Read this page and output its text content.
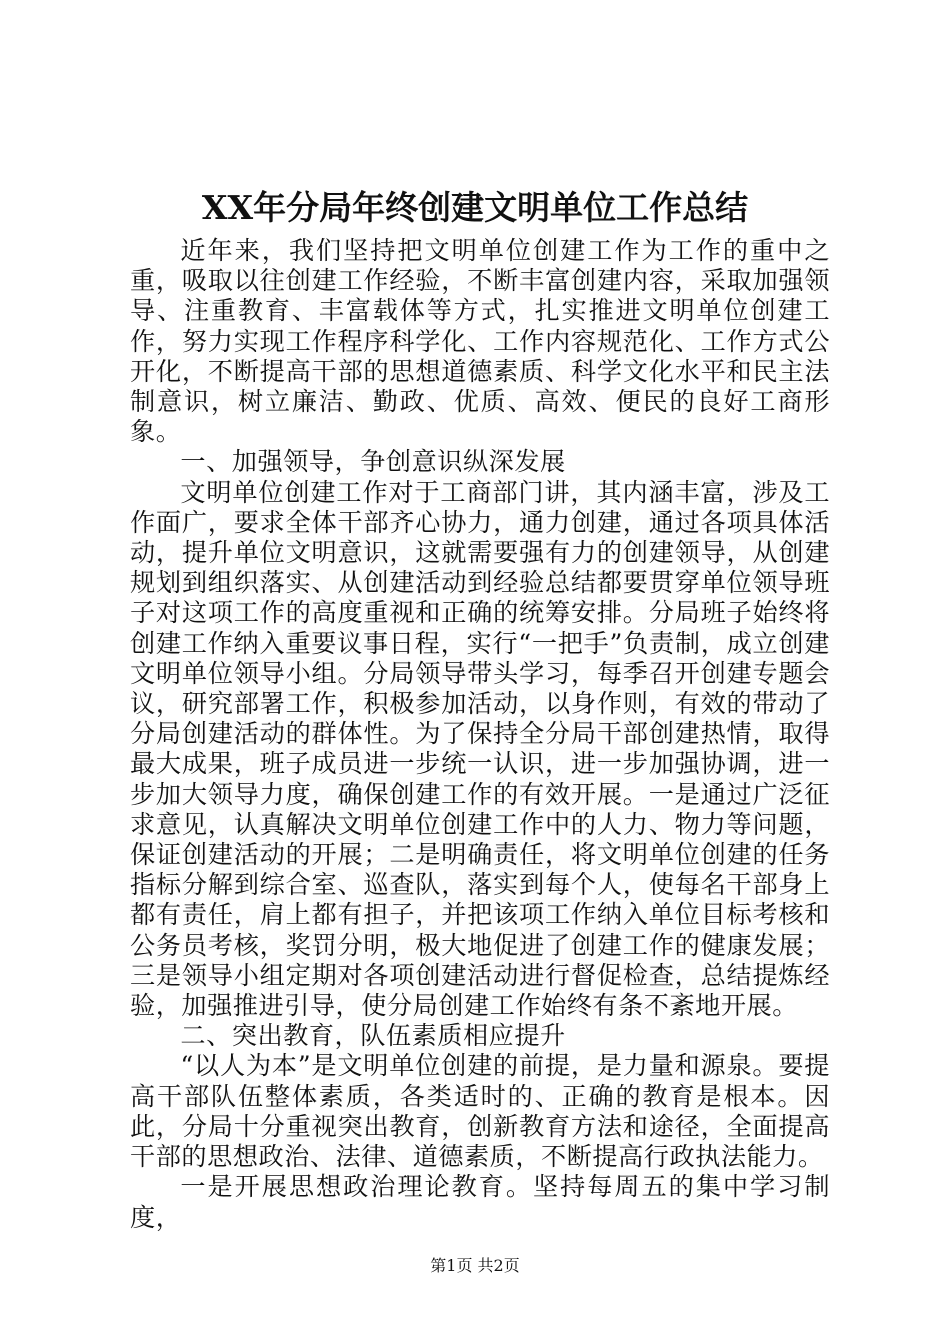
XX年分局年终创建文明单位工作总结

近年来，我们坚持把文明单位创建工作为工作的重中之重，吸取以往创建工作经验，不断丰富创建内容，采取加强领导、注重教育、丰富载体等方式，扎实推进文明单位创建工作，努力实现工作程序科学化、工作内容规范化、工作方式公开化，不断提高干部的思想道德素质、科学文化水平和民主法制意识，树立廉洁、勤政、优质、高效、便民的良好工商形象。

一、加强领导，争创意识纵深发展

文明单位创建工作对于工商部门讲，其内涵丰富，涉及工作面广，要求全体干部齐心协力，通力创建，通过各项具体活动，提升单位文明意识，这就需要强有力的创建领导，从创建规划到组织落实、从创建活动到经验总结都要贯穿单位领导班子对这项工作的高度重视和正确的统筹安排。分局班子始终将创建工作纳入重要议事日程，实行“一把手”负责制，成立创建文明单位领导小组。分局领导带头学习，每季召开创建专题会议，研究部署工作，积极参加活动，以身作则，有效的带动了分局创建活动的群体性。为了保持全分局干部创建热情，取得最大成果，班子成员进一步统一认识，进一步加强协调，进一步加大领导力度，确保创建工作的有效开展。一是通过广泛征求意见，认真解决文明单位创建工作中的人力、物力等问题，保证创建活动的开展；二是明确责任，将文明单位创建的任务指标分解到综合室、巡查队，落实到每个人，使每名干部身上都有责任，肩上都有担子，并把该项工作纳入单位目标考核和公务员考核，奖罚分明，极大地促进了创建工作的健康发展；三是领导小组定期对各项创建活动进行督促检查，总结提炼经验，加强推进引导，使分局创建工作始终有条不紊地开展。

二、突出教育，队伍素质相应提升

“以人为本”是文明单位创建的前提，是力量和源泉。要提高干部队伍整体素质，各类适时的、正确的教育是根本。因此，分局十分重视突出教育，创新教育方法和途径，全面提高干部的思想政治、法律、道德素质，不断提高行政执法能力。

一是开展思想政治理论教育。坚持每周五的集中学习制度，

第1页 共2页
